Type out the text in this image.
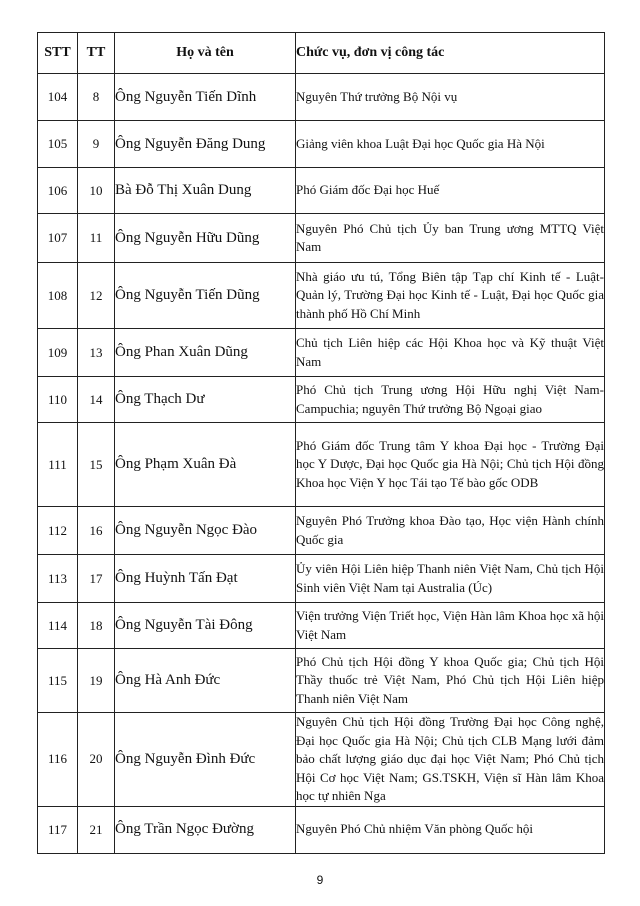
STT	TT	Họ và tên	Chức vụ, đơn vị công tác
104	8	Ông Nguyễn Tiến Dĩnh	Nguyên Thứ trưởng Bộ Nội vụ
105	9	Ông Nguyễn Đăng Dung	Giảng viên khoa Luật Đại học Quốc gia Hà Nội
106	10	Bà Đỗ Thị Xuân Dung	Phó Giám đốc Đại học Huế
107	11	Ông Nguyễn Hữu Dũng	Nguyên Phó Chủ tịch Ủy ban Trung ương MTTQ Việt Nam
108	12	Ông Nguyễn Tiến Dũng	Nhà giáo ưu tú, Tổng Biên tập Tạp chí Kinh tế - Luật-Quản lý, Trường Đại học Kinh tế - Luật, Đại học Quốc gia thành phố Hồ Chí Minh
109	13	Ông Phan Xuân Dũng	Chủ tịch Liên hiệp các Hội Khoa học và Kỹ thuật Việt Nam
110	14	Ông Thạch Dư	Phó Chủ tịch Trung ương Hội Hữu nghị Việt Nam-Campuchia; nguyên Thứ trưởng Bộ Ngoại giao
111	15	Ông Phạm Xuân Đà	Phó Giám đốc Trung tâm Y khoa Đại học - Trường Đại học Y Dược, Đại học Quốc gia Hà Nội; Chủ tịch Hội đồng Khoa học Viện Y học Tái tạo Tế bào gốc ODB
112	16	Ông Nguyễn Ngọc Đào	Nguyên Phó Trưởng khoa Đào tạo, Học viện Hành chính Quốc gia
113	17	Ông Huỳnh Tấn Đạt	Ủy viên Hội Liên hiệp Thanh niên Việt Nam, Chủ tịch Hội Sinh viên Việt Nam tại Australia (Úc)
114	18	Ông Nguyễn Tài Đông	Viện trưởng Viện Triết học, Viện Hàn lâm Khoa học xã hội Việt Nam
115	19	Ông Hà Anh Đức	Phó Chủ tịch Hội đồng Y khoa Quốc gia; Chủ tịch Hội Thầy thuốc trẻ Việt Nam, Phó Chủ tịch Hội Liên hiệp Thanh niên Việt Nam
116	20	Ông Nguyễn Đình Đức	Nguyên Chủ tịch Hội đồng Trường Đại học Công nghệ, Đại học Quốc gia Hà Nội; Chủ tịch CLB Mạng lưới đảm bảo chất lượng giáo dục đại học Việt Nam; Phó Chủ tịch Hội Cơ học Việt Nam; GS.TSKH, Viện sĩ Hàn lâm Khoa học tự nhiên Nga
117	21	Ông Trần Ngọc Đường	Nguyên Phó Chủ nhiệm Văn phòng Quốc hội
9
